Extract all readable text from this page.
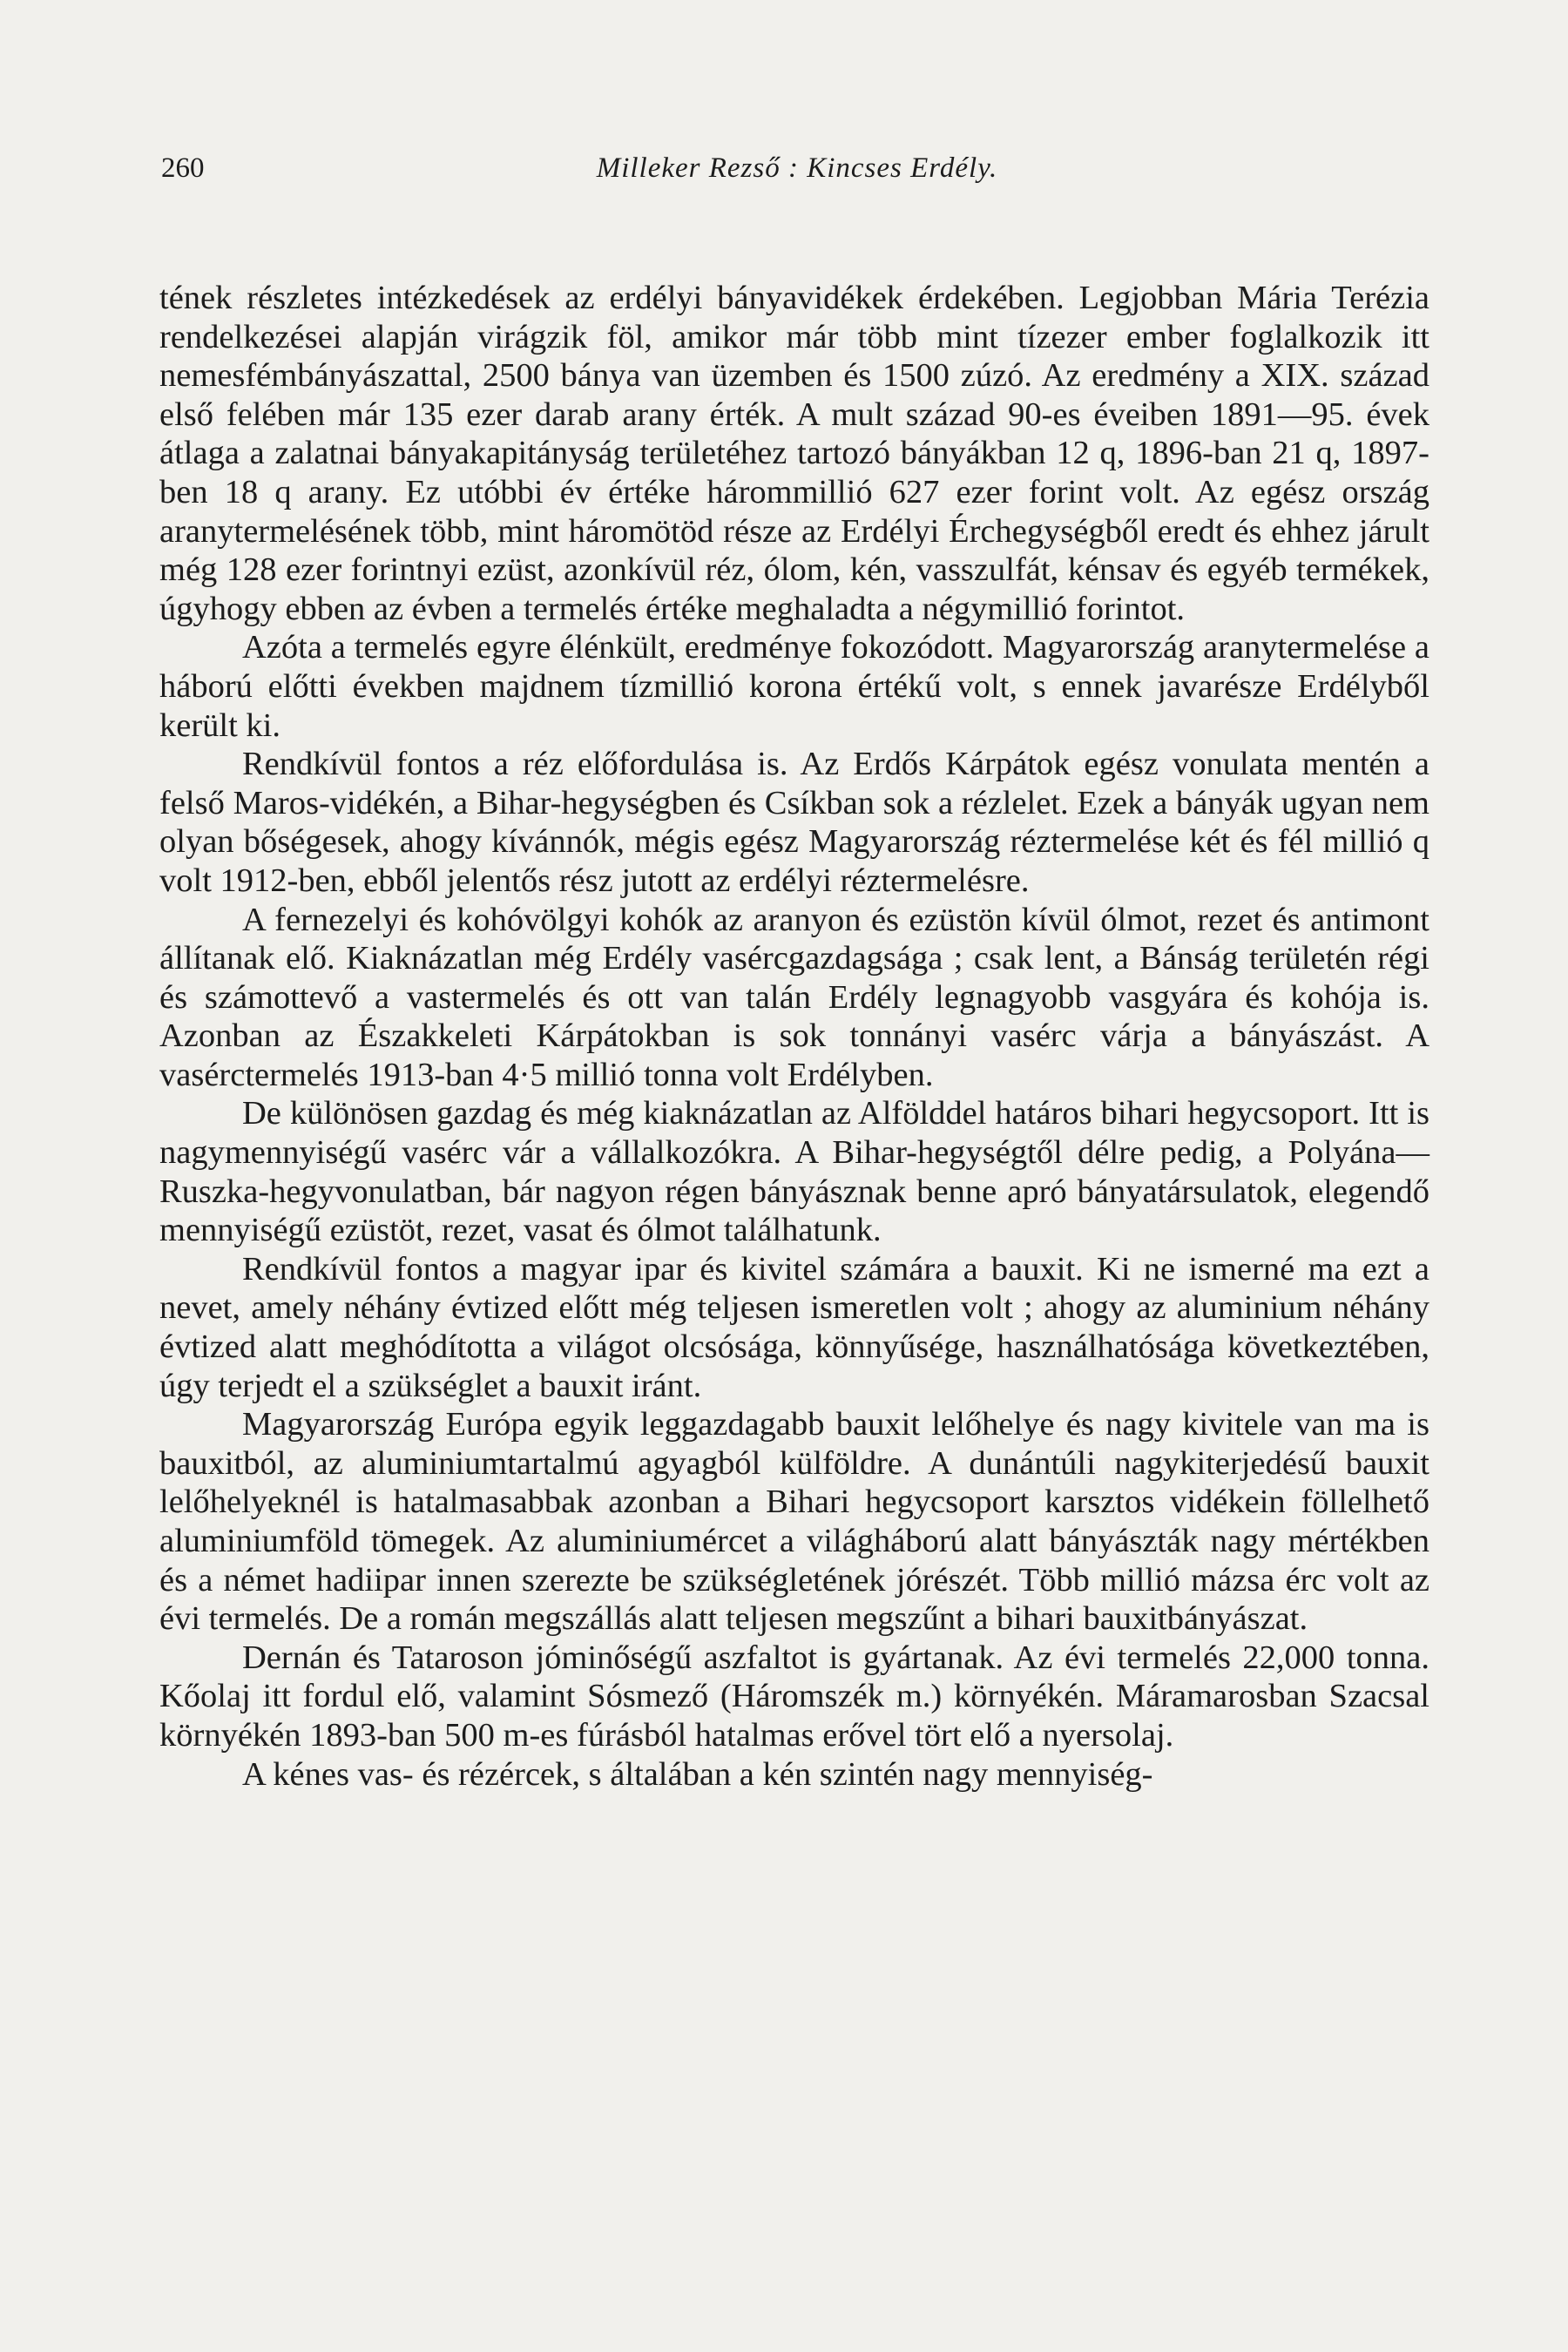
260	Milleker Rezső : Kincses Erdély.

tének részletes intézkedések az erdélyi bányavidékek érdekében. Legjobban Mária Terézia rendelkezései alapján virágzik föl, amikor már több mint tízezer ember foglalkozik itt nemesfémbányászattal, 2500 bánya van üzemben és 1500 zúzó. Az eredmény a XIX. század első felében már 135 ezer darab arany érték. A mult század 90-es éveiben 1891—95. évek átlaga a zalatnai bányakapitányság területéhez tartozó bányákban 12 q, 1896-ban 21 q, 1897-ben 18 q arany. Ez utóbbi év értéke hárommillió 627 ezer forint volt. Az egész ország aranytermelésének több, mint háromötöd része az Erdélyi Érchegységből eredt és ehhez járult még 128 ezer forintnyi ezüst, azonkívül réz, ólom, kén, vasszulfát, kénsav és egyéb termékek, úgyhogy ebben az évben a termelés értéke meghaladta a négymillió forintot.

Azóta a termelés egyre élénkült, eredménye fokozódott. Magyarország aranytermelése a háború előtti években majdnem tízmillió korona értékű volt, s ennek javarésze Erdélyből került ki.

Rendkívül fontos a réz előfordulása is. Az Erdős Kárpátok egész vonulata mentén a felső Maros-vidékén, a Bihar-hegységben és Csíkban sok a rézlelet. Ezek a bányák ugyan nem olyan bőségesek, ahogy kívánnók, mégis egész Magyarország réztermelése két és fél millió q volt 1912-ben, ebből jelentős rész jutott az erdélyi réztermelésre.

A fernezelyi és kohóvölgyi kohók az aranyon és ezüstön kívül ólmot, rezet és antimont állítanak elő. Kiaknázatlan még Erdély vasércgazdagsága ; csak lent, a Bánság területén régi és számottevő a vastermelés és ott van talán Erdély legnagyobb vasgyára és kohója is. Azonban az Északkeleti Kárpátokban is sok tonnányi vasérc várja a bányászást. A vasérctermelés 1913-ban 4·5 millió tonna volt Erdélyben.

De különösen gazdag és még kiaknázatlan az Alfölddel határos bihari hegycsoport. Itt is nagymennyiségű vasérc vár a vállalkozókra. A Bihar-hegységtől délre pedig, a Polyána—Ruszka-hegyvonulatban, bár nagyon régen bányásznak benne apró bányatársulatok, elegendő mennyiségű ezüstöt, rezet, vasat és ólmot találhatunk.

Rendkívül fontos a magyar ipar és kivitel számára a bauxit. Ki ne ismerné ma ezt a nevet, amely néhány évtized előtt még teljesen ismeretlen volt ; ahogy az aluminium néhány évtized alatt meghódította a világot olcsósága, könnyűsége, használhatósága következtében, úgy terjedt el a szükséglet a bauxit iránt.

Magyarország Európa egyik leggazdagabb bauxit lelőhelye és nagy kivitele van ma is bauxitból, az aluminiumtartalmú agyagból külföldre. A dunántúli nagykiterjedésű bauxit lelőhelyeknél is hatalmasabbak azonban a Bihari hegycsoport karsztos vidékein föllelhető aluminiumföld tömegek. Az aluminiumércet a világháború alatt bányászták nagy mértékben és a német hadiipar innen szerezte be szükségletének jórészét. Több millió mázsa érc volt az évi termelés. De a román megszállás alatt teljesen megszűnt a bihari bauxitbányászat.

Dernán és Tataroson jóminőségű aszfaltot is gyártanak. Az évi termelés 22,000 tonna. Kőolaj itt fordul elő, valamint Sósmező (Háromszék m.) környékén. Máramarosban Szacsal környékén 1893-ban 500 m-es fúrásból hatalmas erővel tört elő a nyersolaj.

A kénes vas- és rézércek, s általában a kén szintén nagy mennyiség-
